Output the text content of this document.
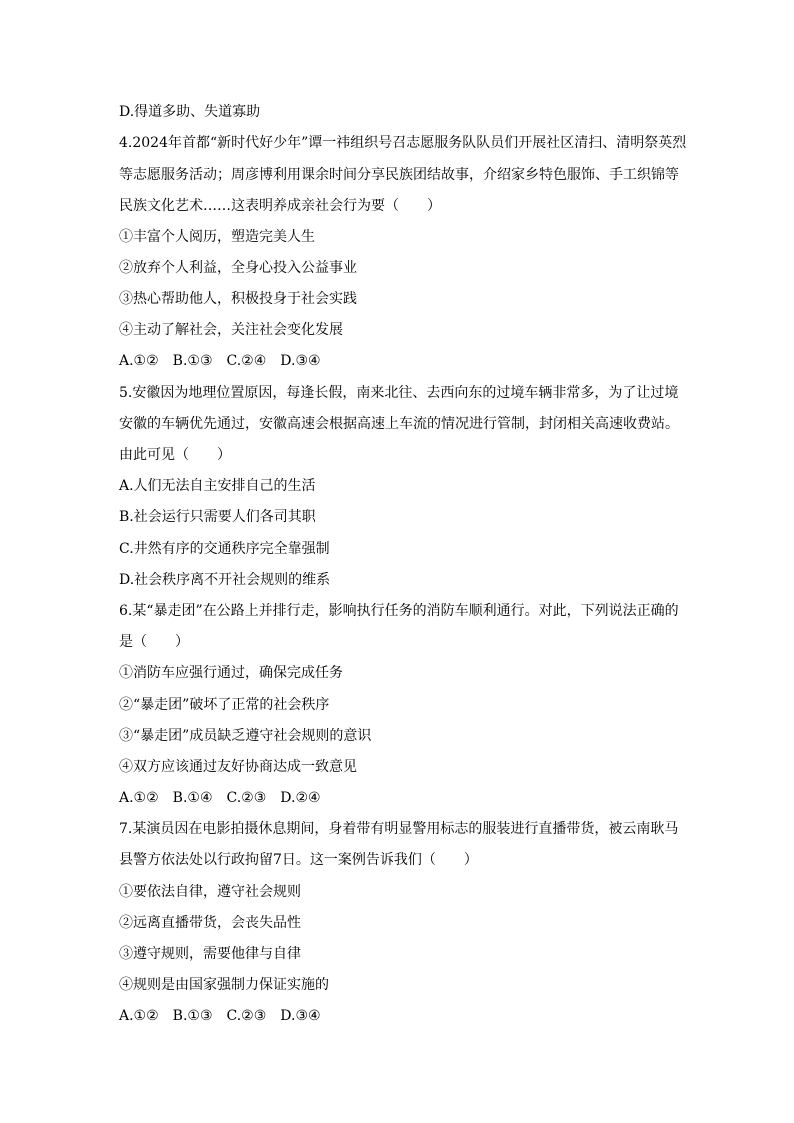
D.得道多助、失道寡助
4.2024年首都“新时代好少年”谭一祎组织号召志愿服务队队员们开展社区清扫、清明祭英烈
等志愿服务活动；周彦博利用课余时间分享民族团结故事，介绍家乡特色服饰、手工织锦等
民族文化艺术……这表明养成亲社会行为要（　　）
①丰富个人阅历，塑造完美人生
②放弃个人利益，全身心投入公益事业
③热心帮助他人，积极投身于社会实践
④主动了解社会，关注社会变化发展
A.①②　B.①③　C.②④　D.③④
5.安徽因为地理位置原因，每逢长假，南来北往、去西向东的过境车辆非常多，为了让过境
安徽的车辆优先通过，安徽高速会根据高速上车流的情况进行管制，封闭相关高速收费站。
由此可见（　　）
A.人们无法自主安排自己的生活
B.社会运行只需要人们各司其职
C.井然有序的交通秩序完全靠强制
D.社会秩序离不开社会规则的维系
6.某“暴走团”在公路上并排行走，影响执行任务的消防车顺利通行。对此，下列说法正确的
是（　　）
①消防车应强行通过，确保完成任务
②“暴走团”破坏了正常的社会秩序
③“暴走团”成员缺乏遵守社会规则的意识
④双方应该通过友好协商达成一致意见
A.①②　B.①④　C.②③　D.②④
7.某演员因在电影拍摄休息期间，身着带有明显警用标志的服装进行直播带货，被云南耿马
县警方依法处以行政拘留7日。这一案例告诉我们（　　）
①要依法自律，遵守社会规则
②远离直播带货，会丧失品性
③遵守规则，需要他律与自律
④规则是由国家强制力保证实施的
A.①②　B.①③　C.②③　D.③④
